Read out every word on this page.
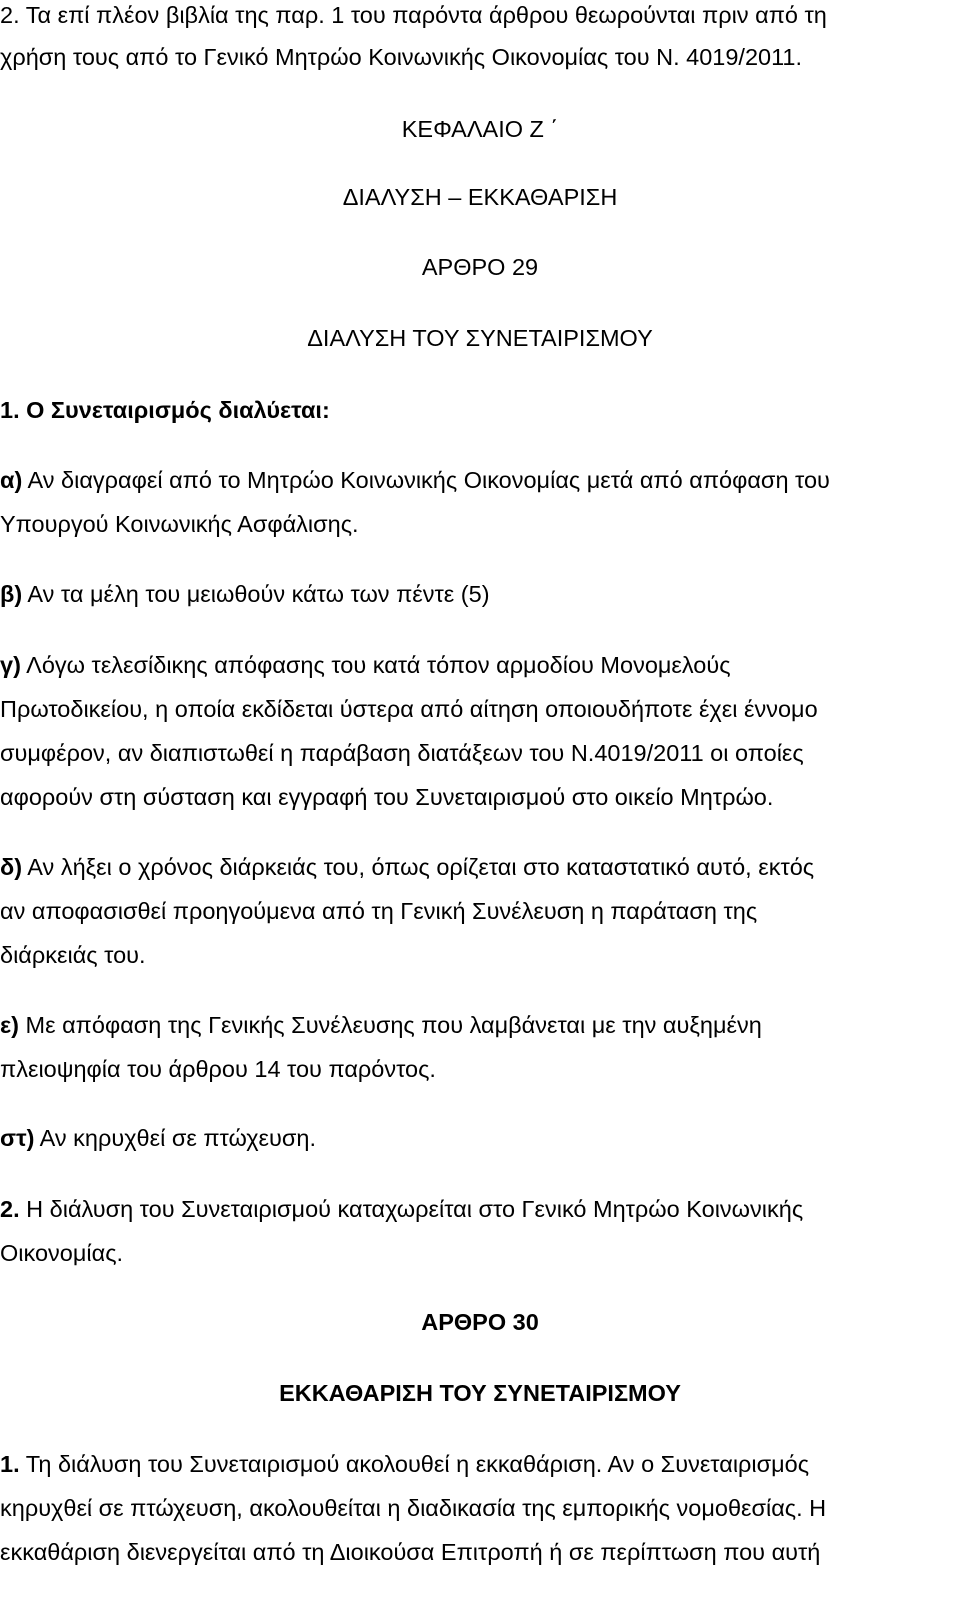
2. Τα επί πλέον βιβλία της παρ. 1 του παρόντα άρθρου θεωρούνται πριν από τη

χρήση τους από το Γενικό Μητρώο Κοινωνικής Οικονομίας του Ν. 4019/2011.

ΚΕΦΑΛΑΙΟ Ζ ΄

ΔΙΑΛΥΣΗ – ΕΚΚΑΘΑΡΙΣΗ

ΑΡΘΡΟ 29

ΔΙΑΛΥΣΗ ΤΟΥ ΣΥΝΕΤΑΙΡΙΣΜΟΥ

1. Ο Συνεταιρισμός διαλύεται:

α) Αν διαγραφεί από το Μητρώο Κοινωνικής Οικονομίας μετά από απόφαση του

Υπουργού Κοινωνικής Ασφάλισης.

β) Αν τα μέλη του μειωθούν κάτω των πέντε (5)

γ) Λόγω τελεσίδικης απόφασης του κατά τόπον αρμοδίου Μονομελούς

Πρωτοδικείου, η οποία εκδίδεται ύστερα από αίτηση οποιουδήποτε έχει έννομο

συμφέρον, αν διαπιστωθεί η παράβαση διατάξεων του Ν.4019/2011 οι οποίες

αφορούν στη σύσταση και εγγραφή του Συνεταιρισμού στο οικείο Μητρώο.

δ) Αν λήξει ο χρόνος διάρκειάς του, όπως ορίζεται στο καταστατικό αυτό, εκτός

αν αποφασισθεί προηγούμενα από τη Γενική Συνέλευση η παράταση της

διάρκειάς του.

ε) Με απόφαση της Γενικής Συνέλευσης που λαμβάνεται με την αυξημένη

πλειοψηφία του άρθρου 14 του παρόντος.

στ) Αν κηρυχθεί σε πτώχευση.

2. Η διάλυση του Συνεταιρισμού καταχωρείται στο Γενικό Μητρώο Κοινωνικής

Οικονομίας.

ΑΡΘΡΟ 30

ΕΚΚΑΘΑΡΙΣΗ ΤΟΥ ΣΥΝΕΤΑΙΡΙΣΜΟΥ

1. Τη διάλυση του Συνεταιρισμού ακολουθεί η εκκαθάριση. Αν ο Συνεταιρισμός

κηρυχθεί σε πτώχευση, ακολουθείται η διαδικασία της εμπορικής νομοθεσίας. Η

εκκαθάριση διενεργείται από τη Διοικούσα Επιτροπή ή σε περίπτωση που αυτή
